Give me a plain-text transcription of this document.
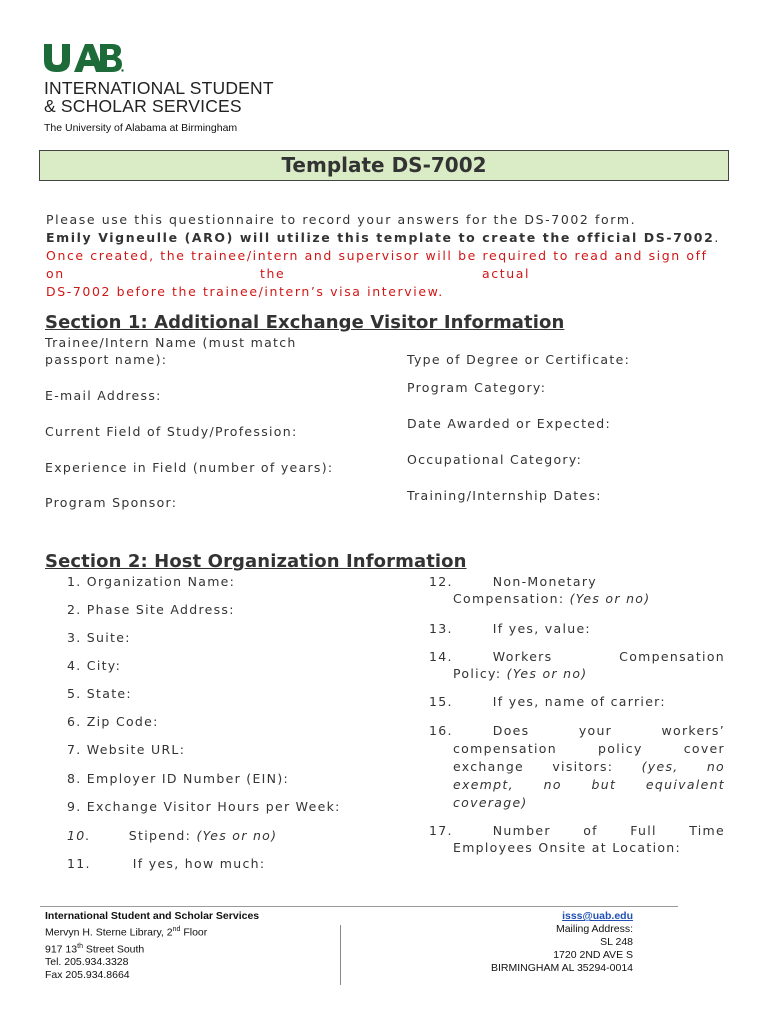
INTERNATIONAL STUDENT
& SCHOLAR SERVICES
The University of Alabama at Birmingham
Template DS-7002
Please use this questionnaire to record your answers for the DS-7002 form.
Emily Vigneulle (ARO) will utilize this template to create the official DS-7002.
Once created, the trainee/intern and supervisor will be required to read and sign off
on	the	actual
DS-7002 before the trainee/intern’s visa interview.
Section 1: Additional Exchange Visitor Information
Trainee/Intern Name (must match
passport name):
E-mail Address:
Current Field of Study/Profession:
Experience in Field (number of years):
Program Sponsor:
Type of Degree or Certificate:
Program Category:
Date Awarded or Expected:
Occupational Category:
Training/Internship Dates:
Section 2: Host Organization Information
1. Organization Name:
2. Phase Site Address:
3. Suite:
4. City:
5. State:
6. Zip Code:
7. Website URL:
8. Employer ID Number (EIN):
9. Exchange Visitor Hours per Week:
10.	Stipend: (Yes or no)
11.	If yes, how much:
12.	Non-Monetary
Compensation: (Yes or no)
13.	If yes, value:
14.	Workers	Compensation
Policy: (Yes or no)
15.	If yes, name of carrier:
16.	Does	your	workers’
compensation	policy	cover
exchange visitors: (yes, no
exempt, no but equivalent
coverage)
17.	Number	of	Full	Time
Employees Onsite at Location:
International Student and Scholar Services
Mervyn H. Sterne Library, 2nd Floor
917 13th Street South
Tel. 205.934.3328
Fax 205.934.8664
isss@uab.edu
Mailing Address:
SL 248
1720 2ND AVE S
BIRMINGHAM AL 35294-0014
